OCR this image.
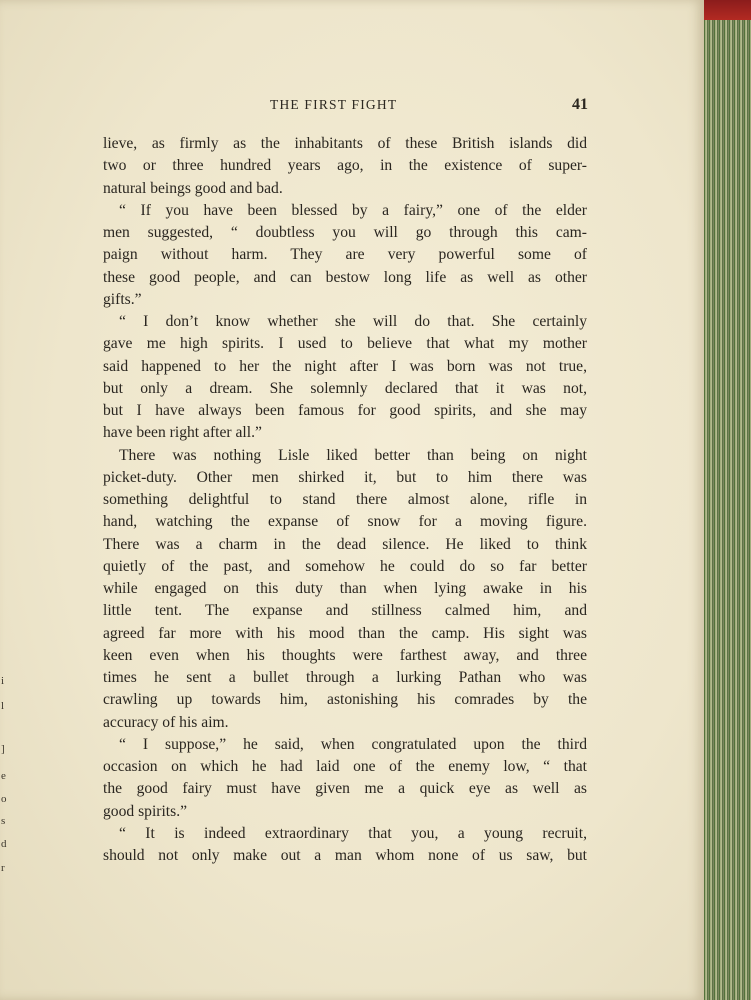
i
l
]
e
o
s
d
r
THE FIRST FIGHT	41
lieve, as firmly as the inhabitants of these British islands did
two or three hundred years ago, in the existence of super-
natural beings good and bad.
“ If you have been blessed by a fairy,” one of the elder
men suggested, “ doubtless you will go through this cam-
paign without harm. They are very powerful some of
these good people, and can bestow long life as well as other
gifts.”
“ I don’t know whether she will do that. She certainly
gave me high spirits. I used to believe that what my mother
said happened to her the night after I was born was not true,
but only a dream. She solemnly declared that it was not,
but I have always been famous for good spirits, and she may
have been right after all.”
There was nothing Lisle liked better than being on night
picket-duty. Other men shirked it, but to him there was
something delightful to stand there almost alone, rifle in
hand, watching the expanse of snow for a moving figure.
There was a charm in the dead silence. He liked to think
quietly of the past, and somehow he could do so far better
while engaged on this duty than when lying awake in his
little tent. The expanse and stillness calmed him, and
agreed far more with his mood than the camp. His sight was
keen even when his thoughts were farthest away, and three
times he sent a bullet through a lurking Pathan who was
crawling up towards him, astonishing his comrades by the
accuracy of his aim.
“ I suppose,” he said, when congratulated upon the third
occasion on which he had laid one of the enemy low, “ that
the good fairy must have given me a quick eye as well as
good spirits.”
“ It is indeed extraordinary that you, a young recruit,
should not only make out a man whom none of us saw, but
